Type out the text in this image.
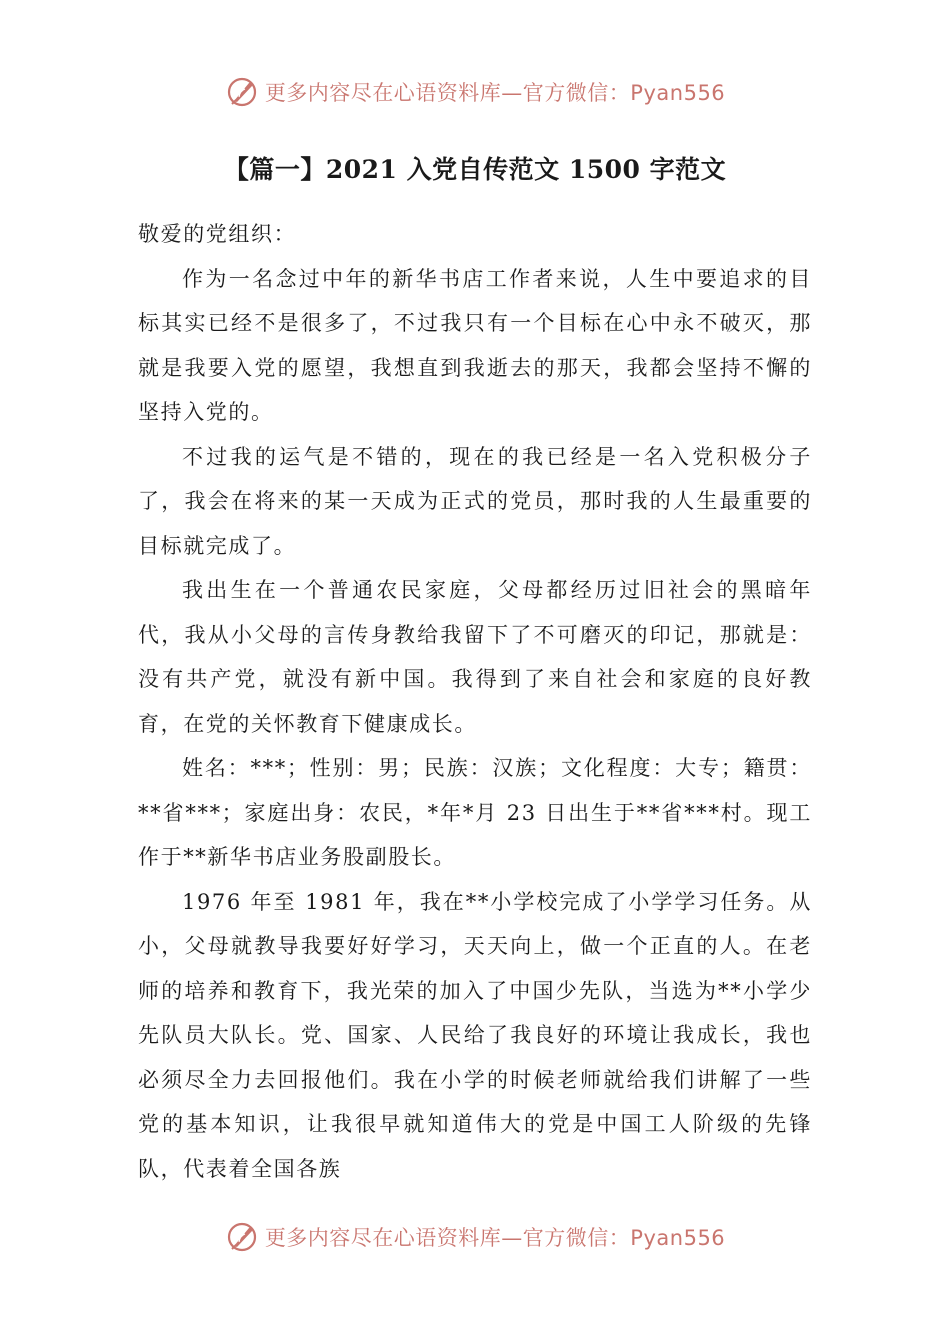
更多内容尽在心语资料库—官方微信：Pyan556
【篇一】2021 入党自传范文 1500 字范文

敬爱的党组织：

作为一名念过中年的新华书店工作者来说，人生中要追求的目标其实已经不是很多了，不过我只有一个目标在心中永不破灭，那就是我要入党的愿望，我想直到我逝去的那天，我都会坚持不懈的坚持入党的。

不过我的运气是不错的，现在的我已经是一名入党积极分子了，我会在将来的某一天成为正式的党员，那时我的人生最重要的目标就完成了。

我出生在一个普通农民家庭，父母都经历过旧社会的黑暗年代，我从小父母的言传身教给我留下了不可磨灭的印记，那就是：没有共产党，就没有新中国。我得到了来自社会和家庭的良好教育，在党的关怀教育下健康成长。

姓名：***；性别：男；民族：汉族；文化程度：大专；籍贯：**省***；家庭出身：农民，*年*月 23 日出生于**省***村。现工作于**新华书店业务股副股长。

1976 年至 1981 年，我在**小学校完成了小学学习任务。从小，父母就教导我要好好学习，天天向上，做一个正直的人。在老师的培养和教育下，我光荣的加入了中国少先队，当选为**小学少先队员大队长。党、国家、人民给了我良好的环境让我成长，我也必须尽全力去回报他们。我在小学的时候老师就给我们讲解了一些党的基本知识，让我很早就知道伟大的党是中国工人阶级的先锋队，代表着全国各族

更多内容尽在心语资料库—官方微信：Pyan556
